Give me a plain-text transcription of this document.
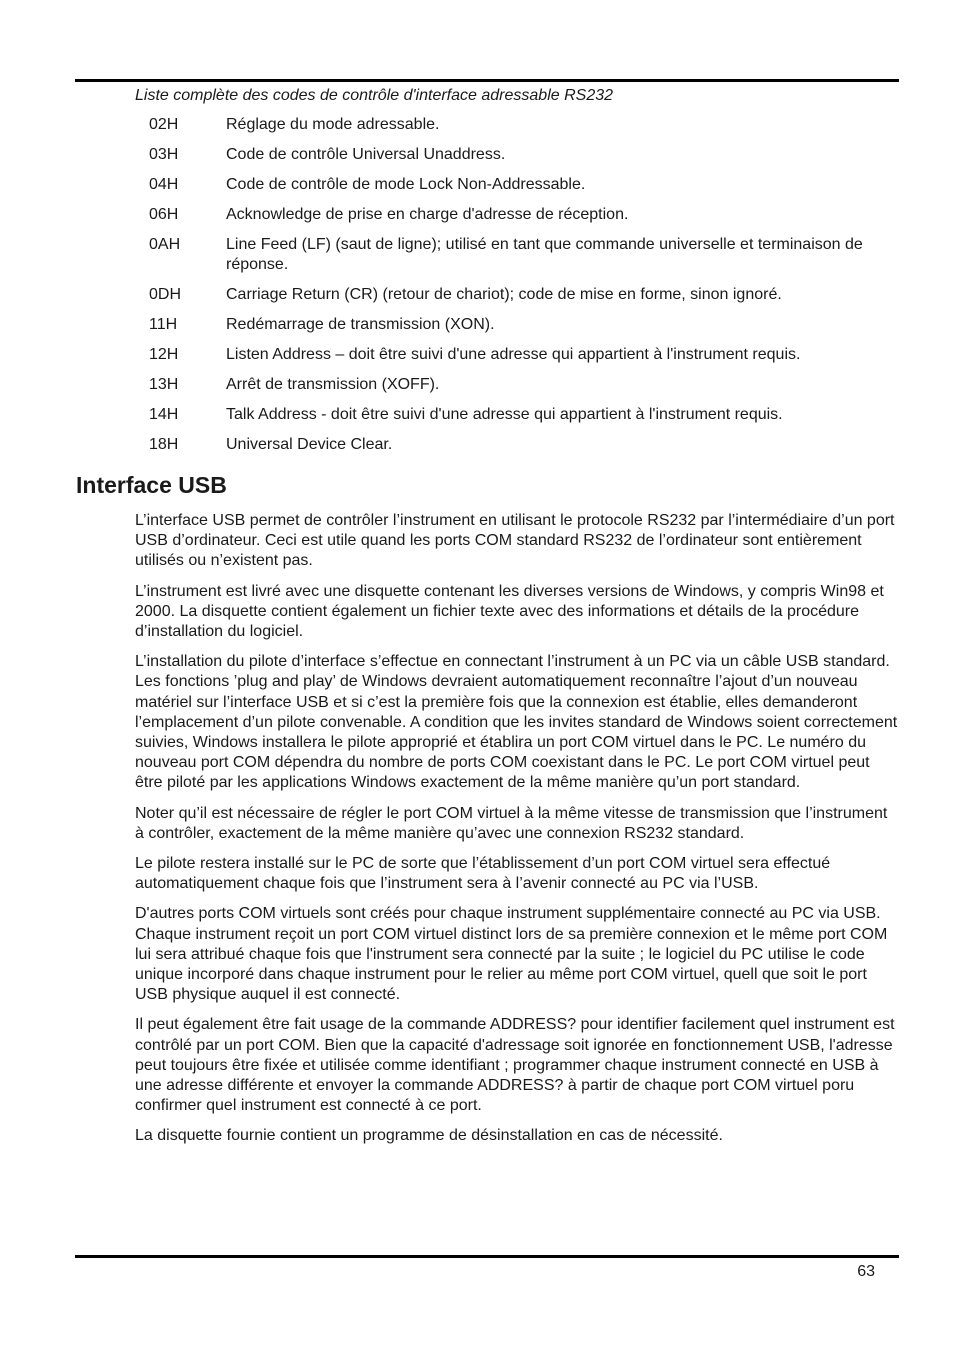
Liste complète des codes de contrôle d'interface adressable RS232
02H	Réglage du mode adressable.
03H	Code de contrôle Universal Unaddress.
04H	Code de contrôle de mode Lock Non-Addressable.
06H	Acknowledge de prise en charge d'adresse de réception.
0AH	Line Feed (LF) (saut de ligne); utilisé en tant que commande universelle et terminaison de réponse.
0DH	Carriage Return (CR) (retour de chariot); code de mise en forme, sinon ignoré.
11H	Redémarrage de transmission (XON).
12H	Listen Address – doit être suivi d'une adresse qui appartient à l'instrument requis.
13H	Arrêt de transmission (XOFF).
14H	Talk Address - doit être suivi d'une adresse qui appartient à l'instrument requis.
18H	Universal Device Clear.
Interface USB

L’interface USB permet de contrôler l’instrument en utilisant le protocole RS232 par l’intermédiaire d’un port USB d’ordinateur. Ceci est utile quand les ports COM standard RS232 de l’ordinateur sont entièrement utilisés ou n’existent pas.

L’instrument est livré avec une disquette contenant les diverses versions de Windows, y compris Win98 et 2000. La disquette contient également un fichier texte avec des informations et détails de la procédure d’installation du logiciel.

L’installation du pilote d’interface s’effectue en connectant l’instrument à un PC via un câble USB standard. Les fonctions ’plug and play’ de Windows devraient automatiquement reconnaître l’ajout d’un nouveau matériel sur l’interface USB et si c’est la première fois que la connexion est établie, elles demanderont l’emplacement d’un pilote convenable. A condition que les invites standard de Windows soient correctement suivies, Windows installera le pilote approprié et établira un port COM virtuel dans le PC. Le numéro du nouveau port COM dépendra du nombre de ports COM coexistant dans le PC. Le port COM virtuel peut être piloté par les applications Windows exactement de la même manière qu’un port standard.

Noter qu’il est nécessaire de régler le port COM virtuel à la même vitesse de transmission que l’instrument à contrôler, exactement de la même manière qu’avec une connexion RS232 standard.

Le pilote restera installé sur le PC de sorte que l’établissement d’un port COM virtuel sera effectué automatiquement chaque fois que l’instrument sera à l’avenir connecté au PC via l’USB.

D'autres ports COM virtuels sont créés pour chaque instrument supplémentaire connecté au PC via USB. Chaque instrument reçoit un port COM virtuel distinct lors de sa première connexion et le même port COM lui sera attribué chaque fois que l'instrument sera connecté par la suite ; le logiciel du PC utilise le code unique incorporé dans chaque instrument pour le relier au même port COM virtuel, quell que soit le port USB physique auquel il est connecté.

Il peut également être fait usage de la commande ADDRESS? pour identifier facilement quel instrument est contrôlé par un port COM. Bien que la capacité d'adressage soit ignorée en fonctionnement USB, l'adresse peut toujours être fixée et utilisée comme identifiant ; programmer chaque instrument connecté en USB à une adresse différente et envoyer la commande ADDRESS? à partir de chaque port COM virtuel poru confirmer quel instrument est connecté à ce port.

La disquette fournie contient un programme de désinstallation en cas de nécessité.

63
